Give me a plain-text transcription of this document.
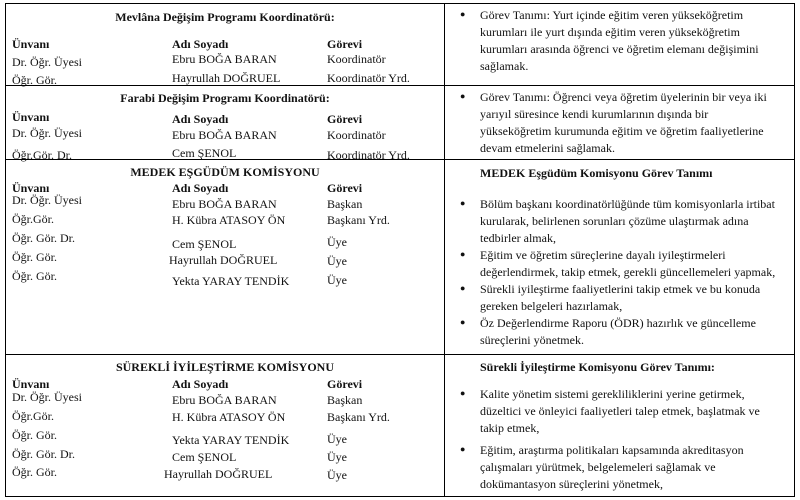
Mevlâna Değişim Programı Koordinatörü:
Ünvanı	Adı Soyadı	Görevi
Dr. Öğr. Üyesi	Ebru BOĞA BARAN	Koordinatör
Öğr. Gör.	Hayrullah DOĞRUEL	Koordinatör Yrd.
● Görev Tanımı: Yurt içinde eğitim veren yükseköğretim kurumları ile yurt dışında eğitim veren yükseköğretim kurumları arasında öğrenci ve öğretim elemanı değişimini sağlamak.
Farabi Değişim Programı Koordinatörü:
Ünvanı	Adı Soyadı	Görevi
Dr. Öğr. Üyesi	Ebru BOĞA BARAN	Koordinatör
Öğr.Gör. Dr.	Cem ŞENOL	Koordinatör Yrd.
● Görev Tanımı: Öğrenci veya öğretim üyelerinin bir veya iki yarıyıl süresince kendi kurumlarının dışında bir yükseköğretim kurumunda eğitim ve öğretim faaliyetlerine devam etmelerini sağlamak.
MEDEK EŞGÜDÜM KOMİSYONU
Ünvanı	Adı Soyadı	Görevi
Dr. Öğr. Üyesi	Ebru BOĞA BARAN	Başkan
Öğr.Gör.	H. Kübra ATASOY ÖN	Başkanı Yrd.
Öğr. Gör. Dr.	Cem ŞENOL	Üye
Öğr. Gör.	Hayrullah DOĞRUEL	Üye
Öğr. Gör.	Yekta YARAY TENDİK	Üye
MEDEK Eşgüdüm Komisyonu Görev Tanımı
● Bölüm başkanı koordinatörlüğünde tüm komisyonlarla irtibat kurularak, belirlenen sorunları çözüme ulaştırmak adına tedbirler almak,
● Eğitim ve öğretim süreçlerine dayalı iyileştirmeleri değerlendirmek, takip etmek, gerekli güncellemeleri yapmak,
● Sürekli iyileştirme faaliyetlerini takip etmek ve bu konuda gereken belgeleri hazırlamak,
● Öz Değerlendirme Raporu (ÖDR) hazırlık ve güncelleme süreçlerini yönetmek.
SÜREKLİ İYİLEŞTİRME KOMİSYONU
Ünvanı	Adı Soyadı	Görevi
Dr. Öğr. Üyesi	Ebru BOĞA BARAN	Başkan
Öğr.Gör.	H. Kübra ATASOY ÖN	Başkanı Yrd.
Öğr. Gör.	Yekta YARAY TENDİK	Üye
Öğr. Gör. Dr.	Cem ŞENOL	Üye
Öğr. Gör.	Hayrullah DOĞRUEL	Üye
Sürekli İyileştirme Komisyonu Görev Tanımı:
● Kalite yönetim sistemi gerekliliklerini yerine getirmek, düzeltici ve önleyici faaliyetleri talep etmek, başlatmak ve takip etmek,
● Eğitim, araştırma politikaları kapsamında akreditasyon çalışmaları yürütmek, belgelemeleri sağlamak ve dokümantasyon süreçlerini yönetmek,
